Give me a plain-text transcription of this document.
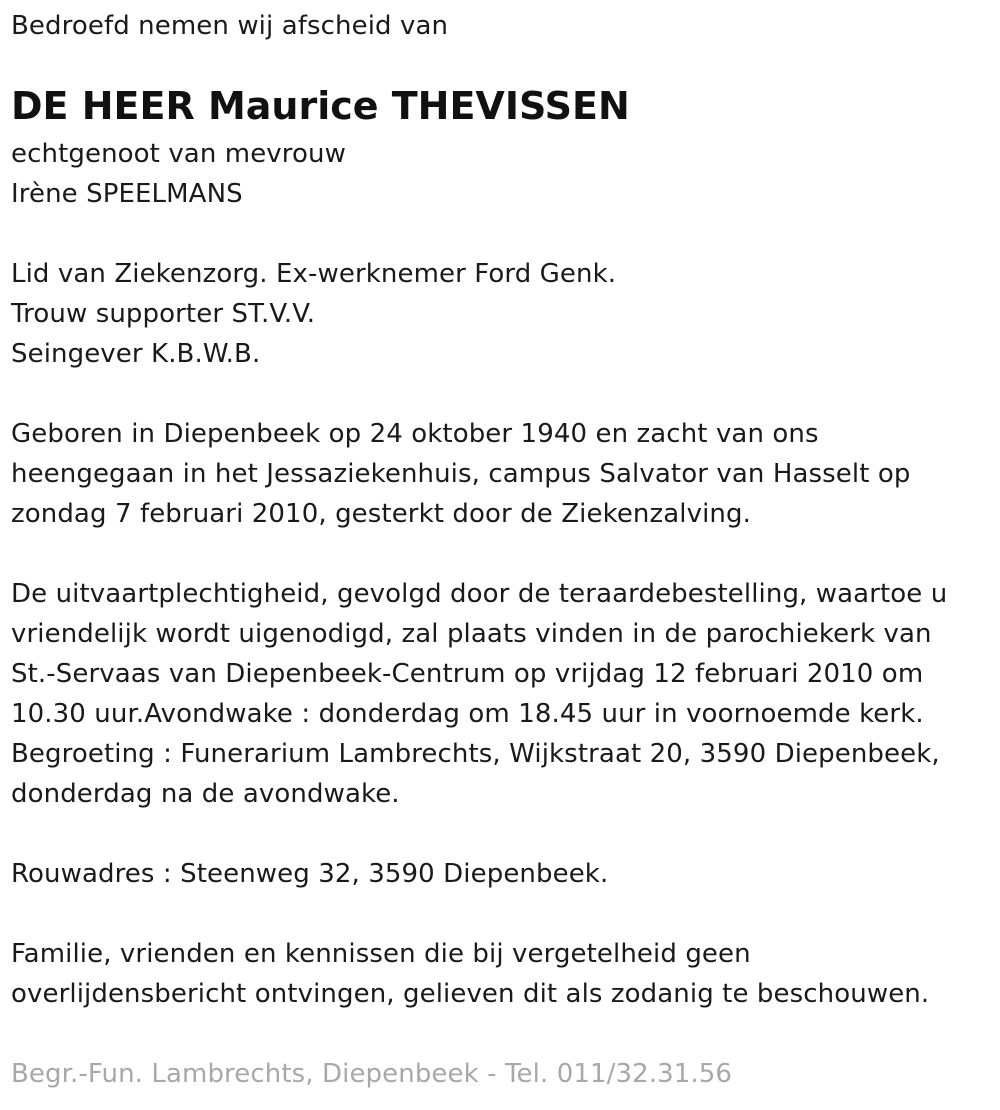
Bedroefd nemen wij afscheid van
DE HEER Maurice THEVISSEN
echtgenoot van mevrouw
Irène SPEELMANS
Lid van Ziekenzorg. Ex-werknemer Ford Genk.
Trouw supporter ST.V.V.
Seingever K.B.W.B.
Geboren in Diepenbeek op 24 oktober 1940 en zacht van ons
heengegaan in het Jessaziekenhuis, campus Salvator van Hasselt op
zondag 7 februari 2010, gesterkt door de Ziekenzalving.
De uitvaartplechtigheid, gevolgd door de teraardebestelling, waartoe u
vriendelijk wordt uigenodigd, zal plaats vinden in de parochiekerk van
St.-Servaas van Diepenbeek-Centrum op vrijdag 12 februari 2010 om
10.30 uur.Avondwake : donderdag om 18.45 uur in voornoemde kerk.
Begroeting : Funerarium Lambrechts, Wijkstraat 20, 3590 Diepenbeek,
donderdag na de avondwake.
Rouwadres : Steenweg 32, 3590 Diepenbeek.
Familie, vrienden en kennissen die bij vergetelheid geen
overlijdensbericht ontvingen, gelieven dit als zodanig te beschouwen.
Begr.-Fun. Lambrechts, Diepenbeek - Tel. 011/32.31.56
